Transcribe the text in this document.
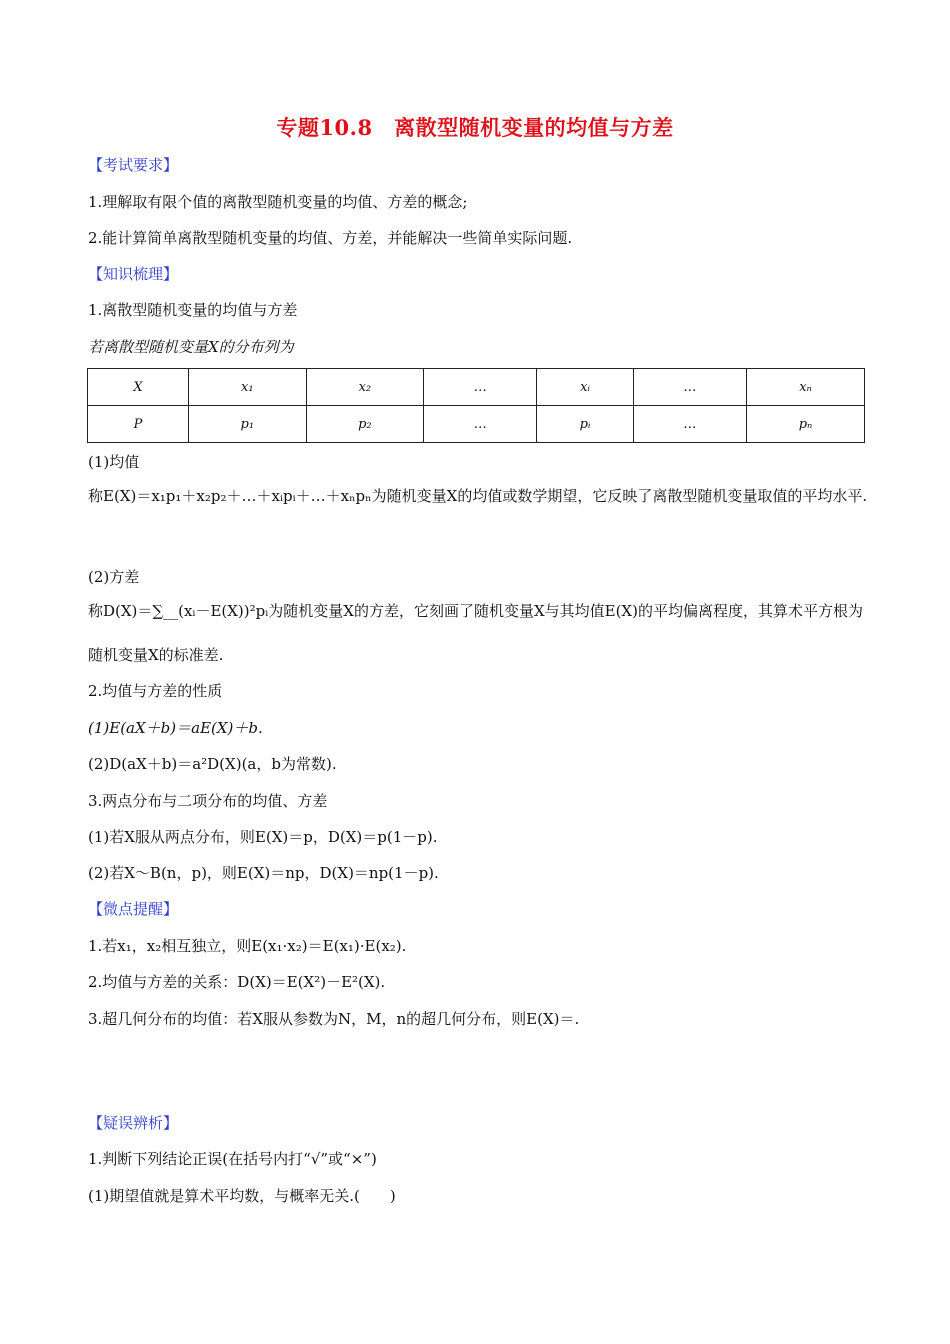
专题10.8　离散型随机变量的均值与方差
【考试要求】
1.理解取有限个值的离散型随机变量的均值、方差的概念;
2.能计算简单离散型随机变量的均值、方差，并能解决一些简单实际问题.
【知识梳理】
1.离散型随机变量的均值与方差
若离散型随机变量X的分布列为
X	x₁	x₂	…	xᵢ	…	xₙ
P	p₁	p₂	…	pᵢ	…	pₙ
(1)均值
称E(X)＝x₁p₁＋x₂p₂＋…＋xᵢpᵢ＋…＋xₙpₙ为随机变量X的均值或数学期望，它反映了离散型随机变量取值的平均水平.
(2)方差
称D(X)＝∑__(xᵢ－E(X))²pᵢ为随机变量X的方差，它刻画了随机变量X与其均值E(X)的平均偏离程度，其算术平方根为随机变量X的标准差.
2.均值与方差的性质
(1)E(aX＋b)＝aE(X)＋b.
(2)D(aX＋b)＝a²D(X)(a，b为常数).
3.两点分布与二项分布的均值、方差
(1)若X服从两点分布，则E(X)＝p，D(X)＝p(1－p).
(2)若X～B(n，p)，则E(X)＝np，D(X)＝np(1－p).
【微点提醒】
1.若x₁，x₂相互独立，则E(x₁·x₂)＝E(x₁)·E(x₂).
2.均值与方差的关系：D(X)＝E(X²)－E²(X).
3.超几何分布的均值：若X服从参数为N，M，n的超几何分布，则E(X)＝.
【疑误辨析】
1.判断下列结论正误(在括号内打“√”或“×”)
(1)期望值就是算术平均数，与概率无关.(　　)
